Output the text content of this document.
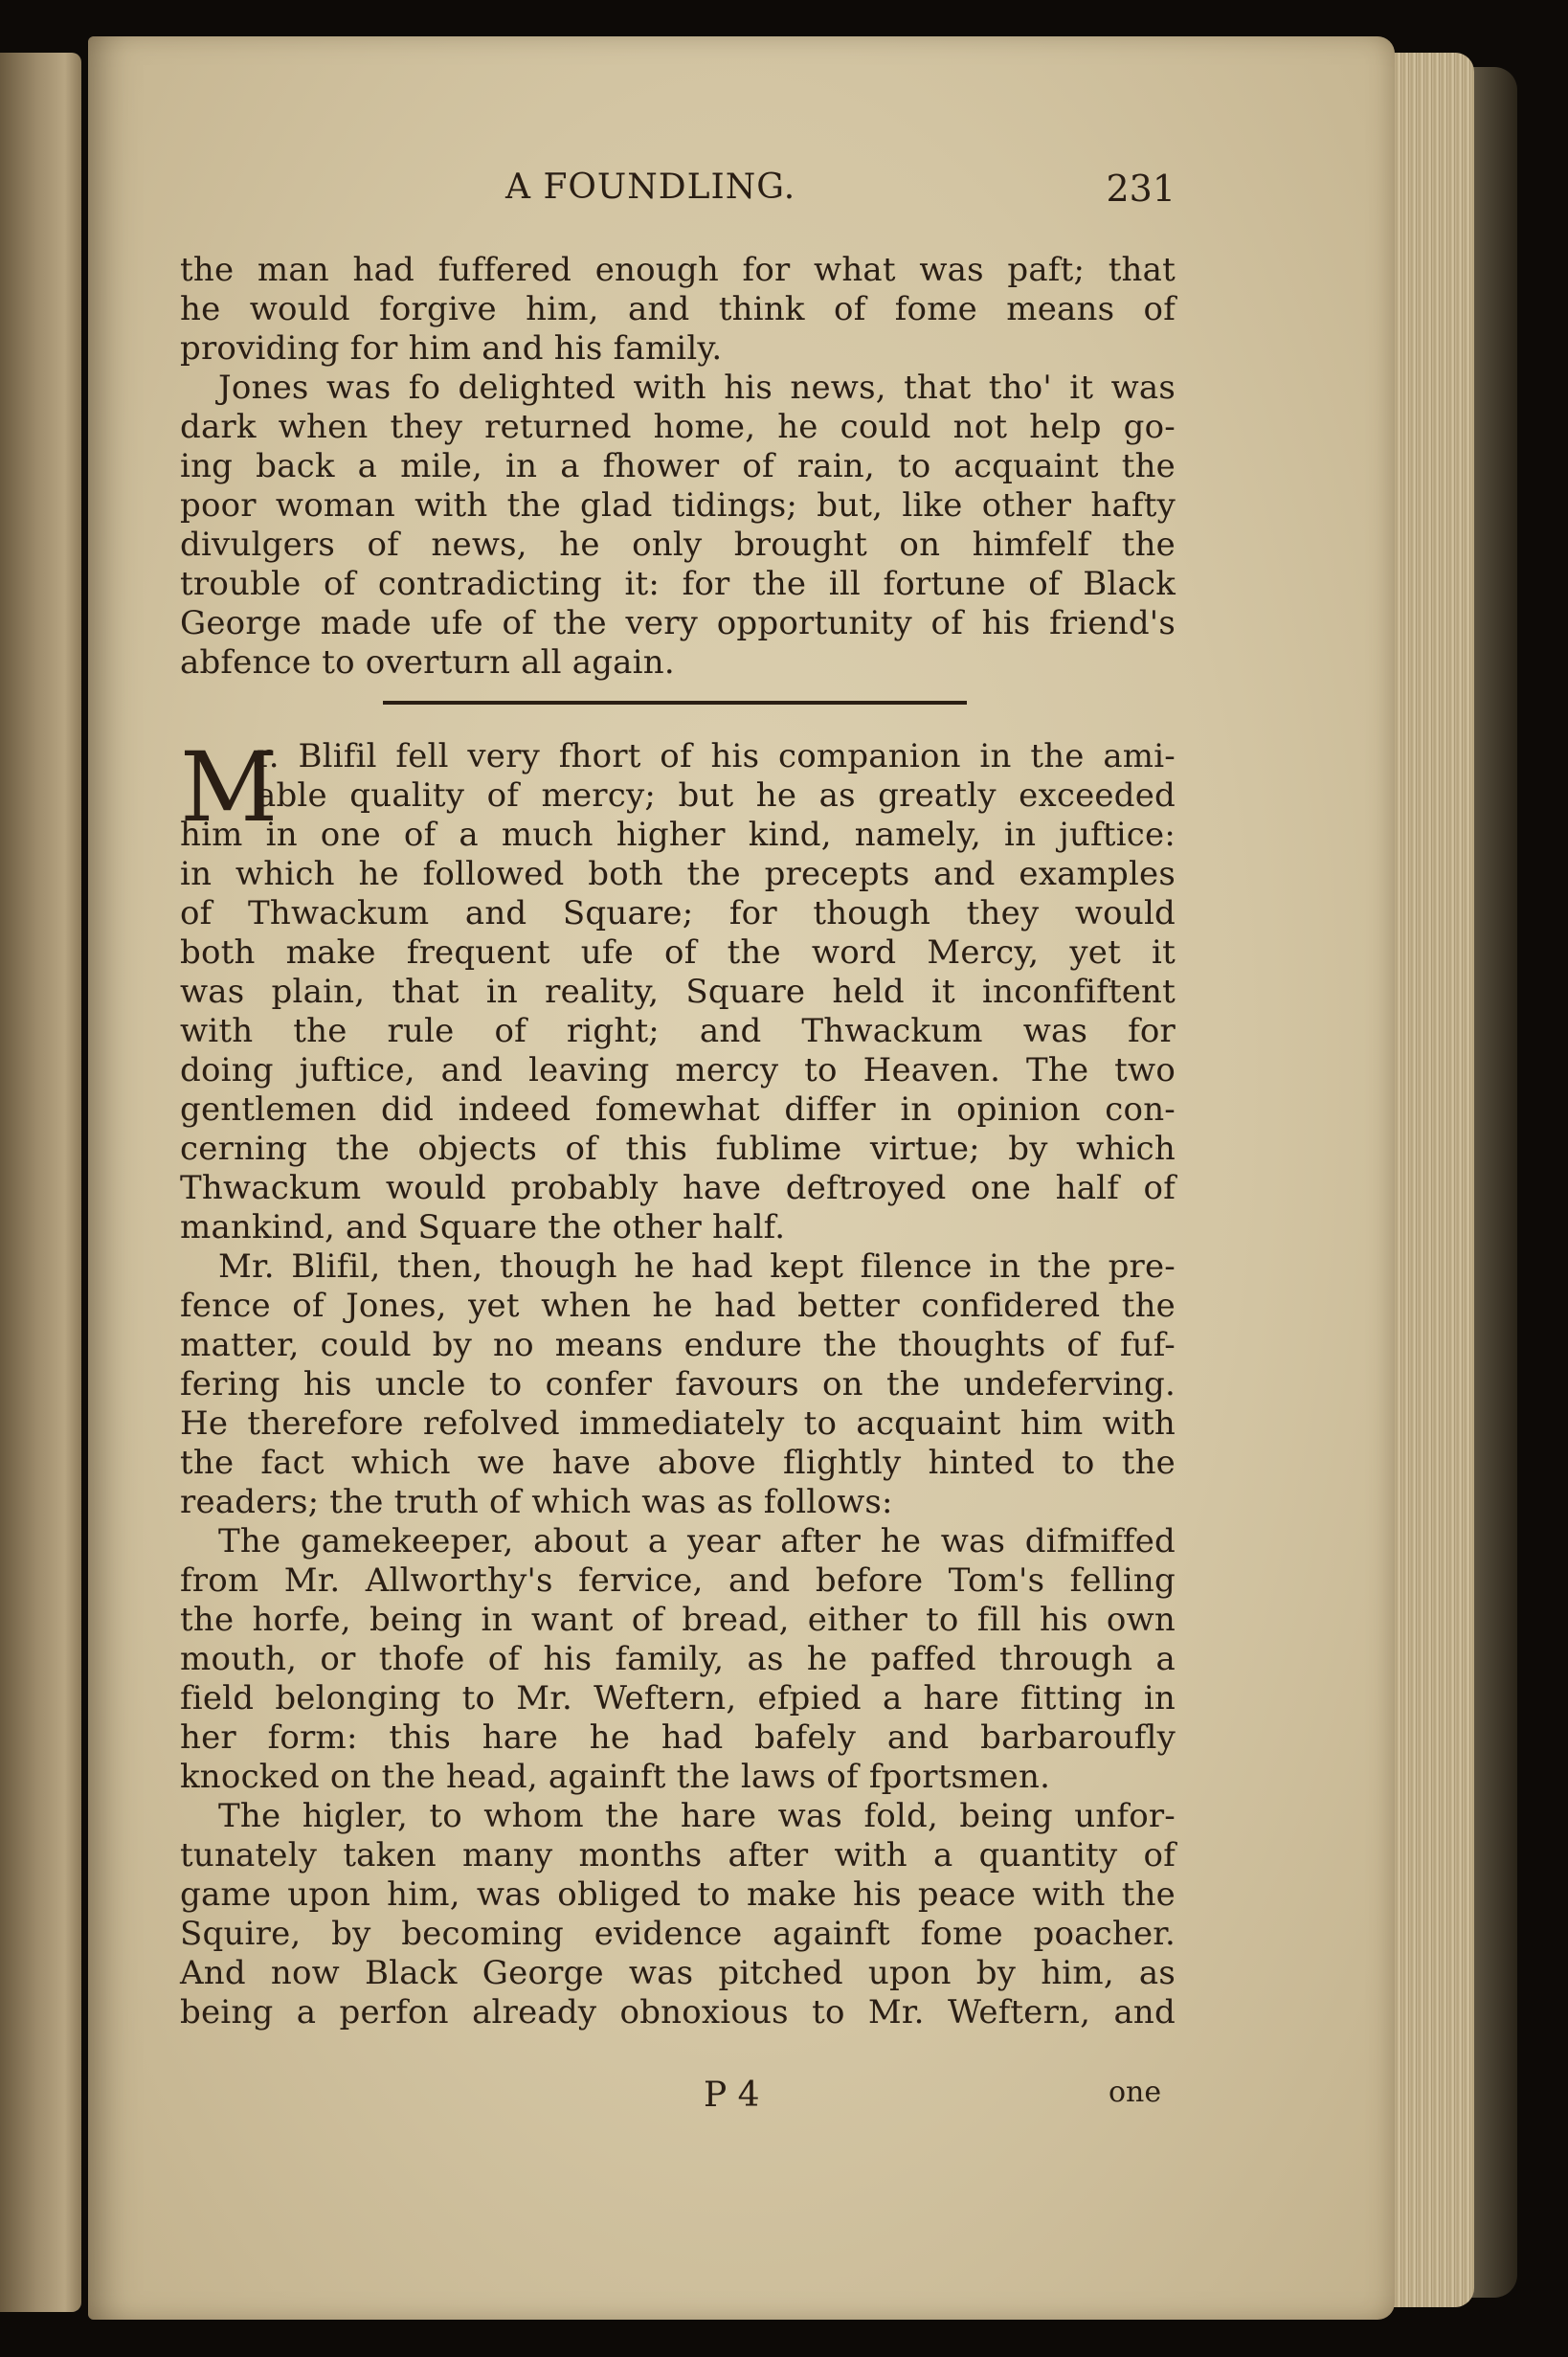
A FOUNDLING.	231
the man had fuffered enough for what was paft; that
he would forgive him, and think of fome means of
providing for him and his family.
Jones was fo delighted with his news, that tho' it was
dark when they returned home, he could not help go-
ing back a mile, in a fhower of rain, to acquaint the
poor woman with the glad tidings; but, like other hafty
divulgers of news, he only brought on himfelf the
trouble of contradicting it: for the ill fortune of Black
George made ufe of the very opportunity of his friend's
abfence to overturn all again.
M
r. Blifil fell very fhort of his companion in the ami-
able quality of mercy; but he as greatly exceeded
him in one of a much higher kind, namely, in juftice:
in which he followed both the precepts and examples
of Thwackum and Square; for though they would
both make frequent ufe of the word Mercy, yet it
was plain, that in reality, Square held it inconfiftent
with the rule of right; and Thwackum was for
doing juftice, and leaving mercy to Heaven. The two
gentlemen did indeed fomewhat differ in opinion con-
cerning the objects of this fublime virtue; by which
Thwackum would probably have deftroyed one half of
mankind, and Square the other half.
Mr. Blifil, then, though he had kept filence in the pre-
fence of Jones, yet when he had better confidered the
matter, could by no means endure the thoughts of fuf-
fering his uncle to confer favours on the undeferving.
He therefore refolved immediately to acquaint him with
the fact which we have above flightly hinted to the
readers; the truth of which was as follows:
The gamekeeper, about a year after he was difmiffed
from Mr. Allworthy's fervice, and before Tom's felling
the horfe, being in want of bread, either to fill his own
mouth, or thofe of his family, as he paffed through a
field belonging to Mr. Weftern, efpied a hare fitting in
her form: this hare he had bafely and barbaroufly
knocked on the head, againft the laws of fportsmen.
The higler, to whom the hare was fold, being unfor-
tunately taken many months after with a quantity of
game upon him, was obliged to make his peace with the
Squire, by becoming evidence againft fome poacher.
And now Black George was pitched upon by him, as
being a perfon already obnoxious to Mr. Weftern, and
P 4	one
